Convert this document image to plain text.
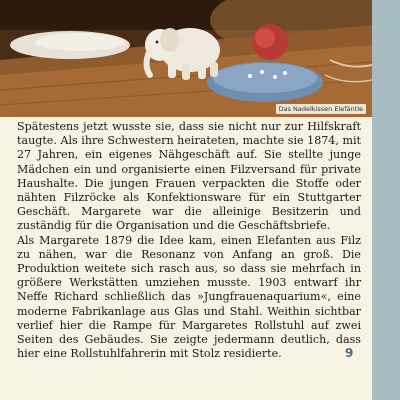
Das Nadelkissen Elefäntle

Spätestens jetzt wusste sie, dass sie nicht nur zur Hilfskraft taugte. Als ihre Schwestern heirateten, machte sie 1874, mit 27 Jahren, ein eigenes Nähgeschäft auf. Sie stellte junge Mädchen ein und organisierte einen Filzversand für private Haushalte. Die jungen Frauen verpackten die Stoffe oder nähten Filzröcke als Konfektionsware für ein Stuttgarter Geschäft. Margarete war die alleinige Besitzerin und zuständig für die Organisation und die Geschäftsbriefe.

Als Margarete 1879 die Idee kam, einen Elefanten aus Filz zu nähen, war die Resonanz von Anfang an groß. Die Produktion weitete sich rasch aus, so dass sie mehrfach in größere Werkstätten umziehen musste. 1903 entwarf ihr Neffe Richard schließlich das »Jungfrauenaquarium«, eine moderne Fabrikanlage aus Glas und Stahl. Weithin sichtbar verlief hier die Rampe für Margaretes Rollstuhl auf zwei Seiten des Gebäudes. Sie zeigte jedermann deutlich, dass hier eine Rollstuhlfahrerin mit Stolz residierte.	9
